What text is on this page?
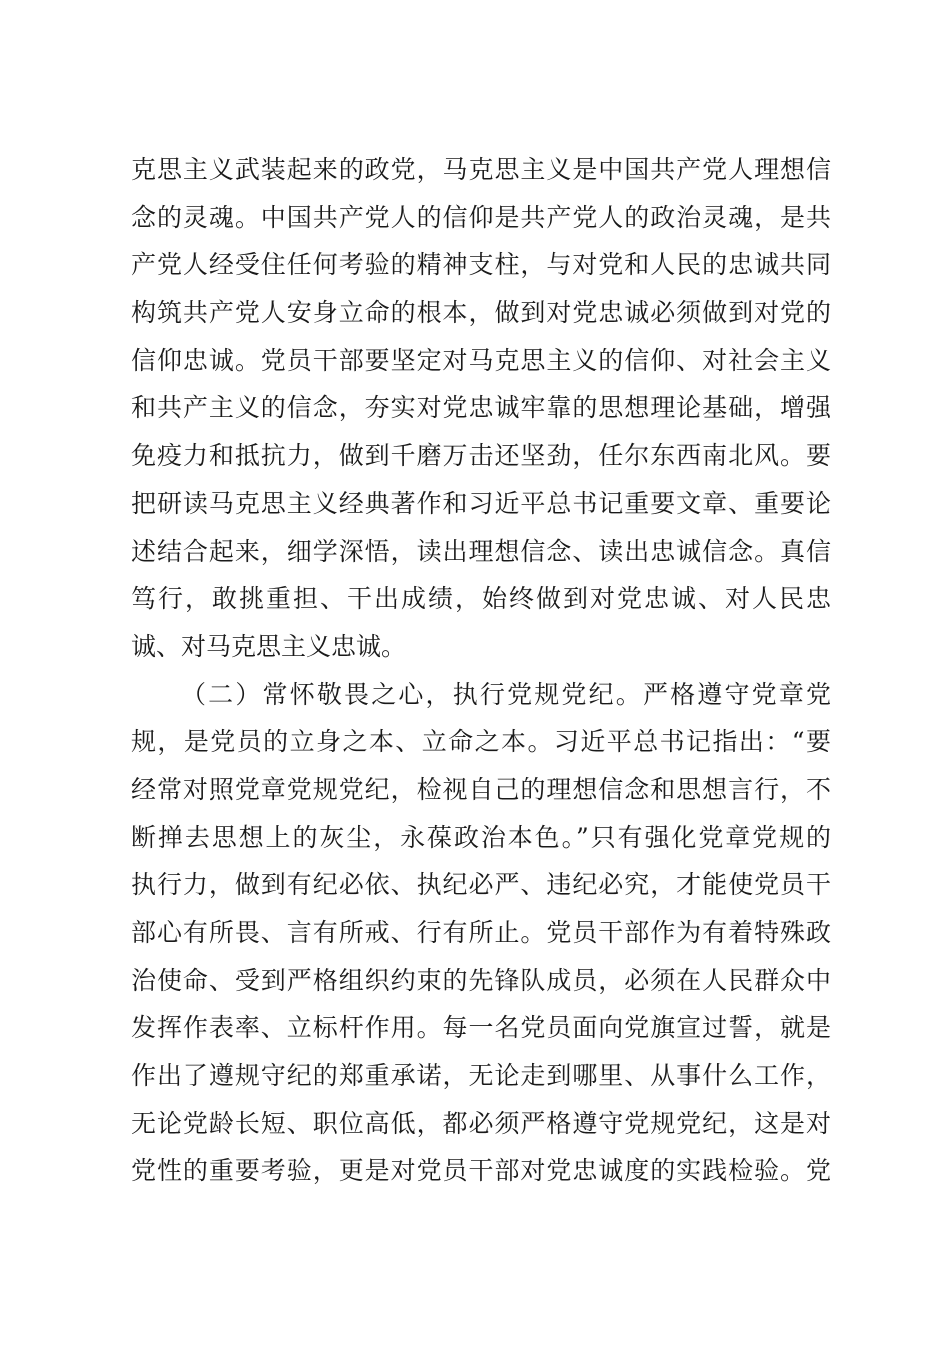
克思主义武装起来的政党，马克思主义是中国共产党人理想信
念的灵魂。中国共产党人的信仰是共产党人的政治灵魂，是共
产党人经受住任何考验的精神支柱，与对党和人民的忠诚共同
构筑共产党人安身立命的根本，做到对党忠诚必须做到对党的
信仰忠诚。党员干部要坚定对马克思主义的信仰、对社会主义
和共产主义的信念，夯实对党忠诚牢靠的思想理论基础，增强
免疫力和抵抗力，做到千磨万击还坚劲，任尔东西南北风。要
把研读马克思主义经典著作和习近平总书记重要文章、重要论
述结合起来，细学深悟，读出理想信念、读出忠诚信念。真信
笃行，敢挑重担、干出成绩，始终做到对党忠诚、对人民忠
诚、对马克思主义忠诚。
（二）常怀敬畏之心，执行党规党纪。严格遵守党章党
规，是党员的立身之本、立命之本。习近平总书记指出：“要
经常对照党章党规党纪，检视自己的理想信念和思想言行，不
断掸去思想上的灰尘，永葆政治本色。”只有强化党章党规的
执行力，做到有纪必依、执纪必严、违纪必究，才能使党员干
部心有所畏、言有所戒、行有所止。党员干部作为有着特殊政
治使命、受到严格组织约束的先锋队成员，必须在人民群众中
发挥作表率、立标杆作用。每一名党员面向党旗宣过誓，就是
作出了遵规守纪的郑重承诺，无论走到哪里、从事什么工作，
无论党龄长短、职位高低，都必须严格遵守党规党纪，这是对
党性的重要考验，更是对党员干部对党忠诚度的实践检验。党
